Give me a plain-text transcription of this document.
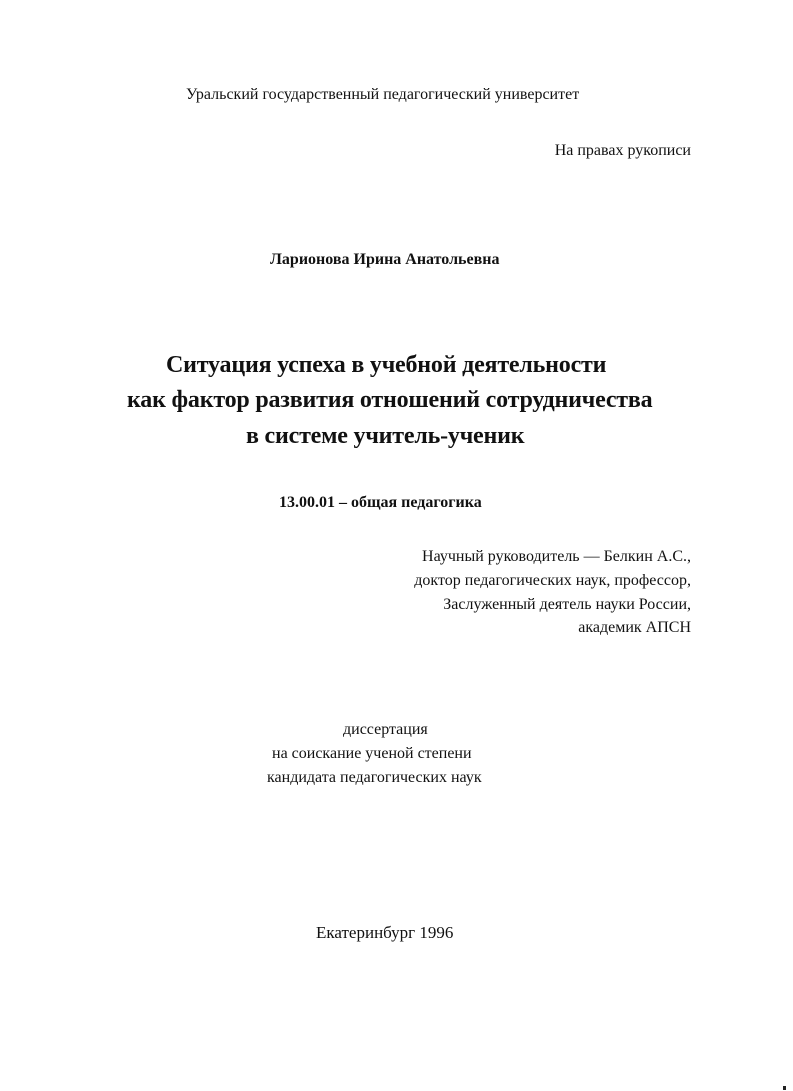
Уральский государственный педагогический университет

На правах рукописи

Ларионова Ирина Анатольевна

Ситуация успеха в учебной деятельности

как фактор развития отношений сотрудничества

в системе учитель-ученик

13.00.01 – общая педагогика

Научный руководитель — Белкин А.С.,

доктор педагогических наук, профессор,

Заслуженный деятель науки России,

академик АПСН

диссертация

на соискание ученой степени

кандидата педагогических наук

Екатеринбург 1996
